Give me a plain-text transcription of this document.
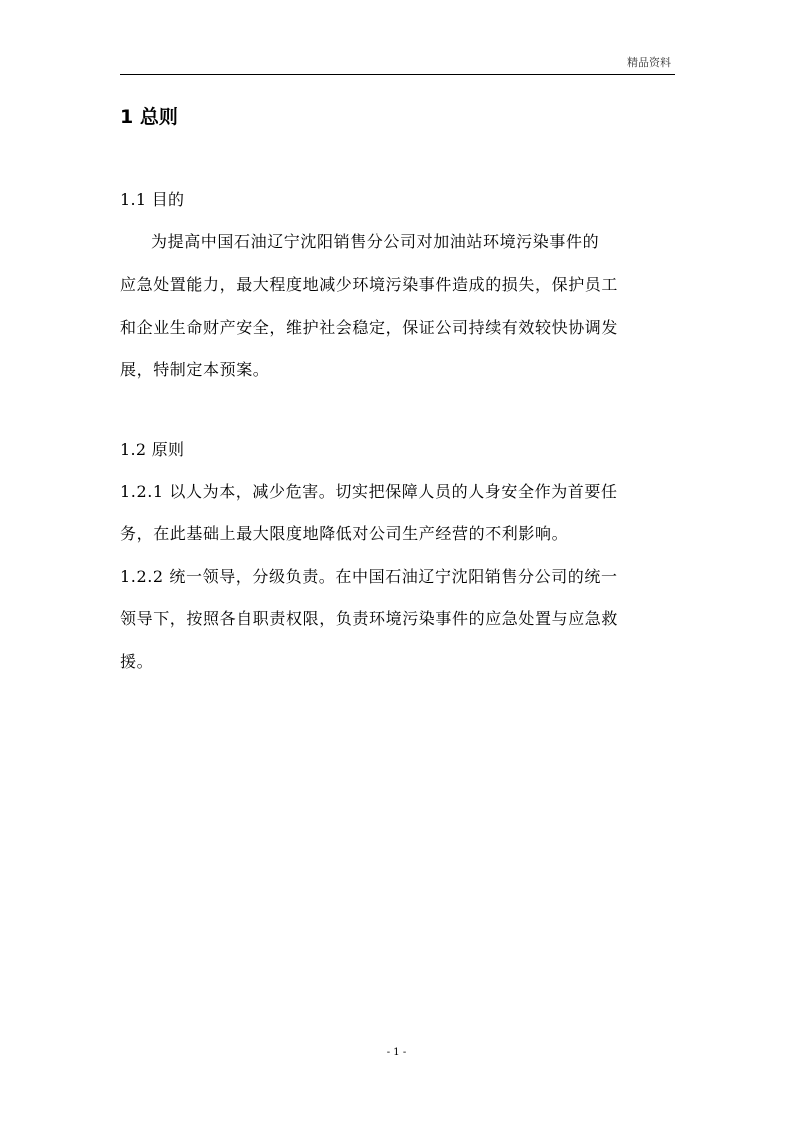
精品资料
1 总则
1.1 目的
为提高中国石油辽宁沈阳销售分公司对加油站环境污染事件的
应急处置能力，最大程度地减少环境污染事件造成的损失，保护员工
和企业生命财产安全，维护社会稳定，保证公司持续有效较快协调发
展，特制定本预案。
1.2 原则
1.2.1 以人为本，减少危害。切实把保障人员的人身安全作为首要任
务，在此基础上最大限度地降低对公司生产经营的不利影响。
1.2.2 统一领导，分级负责。在中国石油辽宁沈阳销售分公司的统一
领导下，按照各自职责权限，负责环境污染事件的应急处置与应急救
援。
- 1 -
